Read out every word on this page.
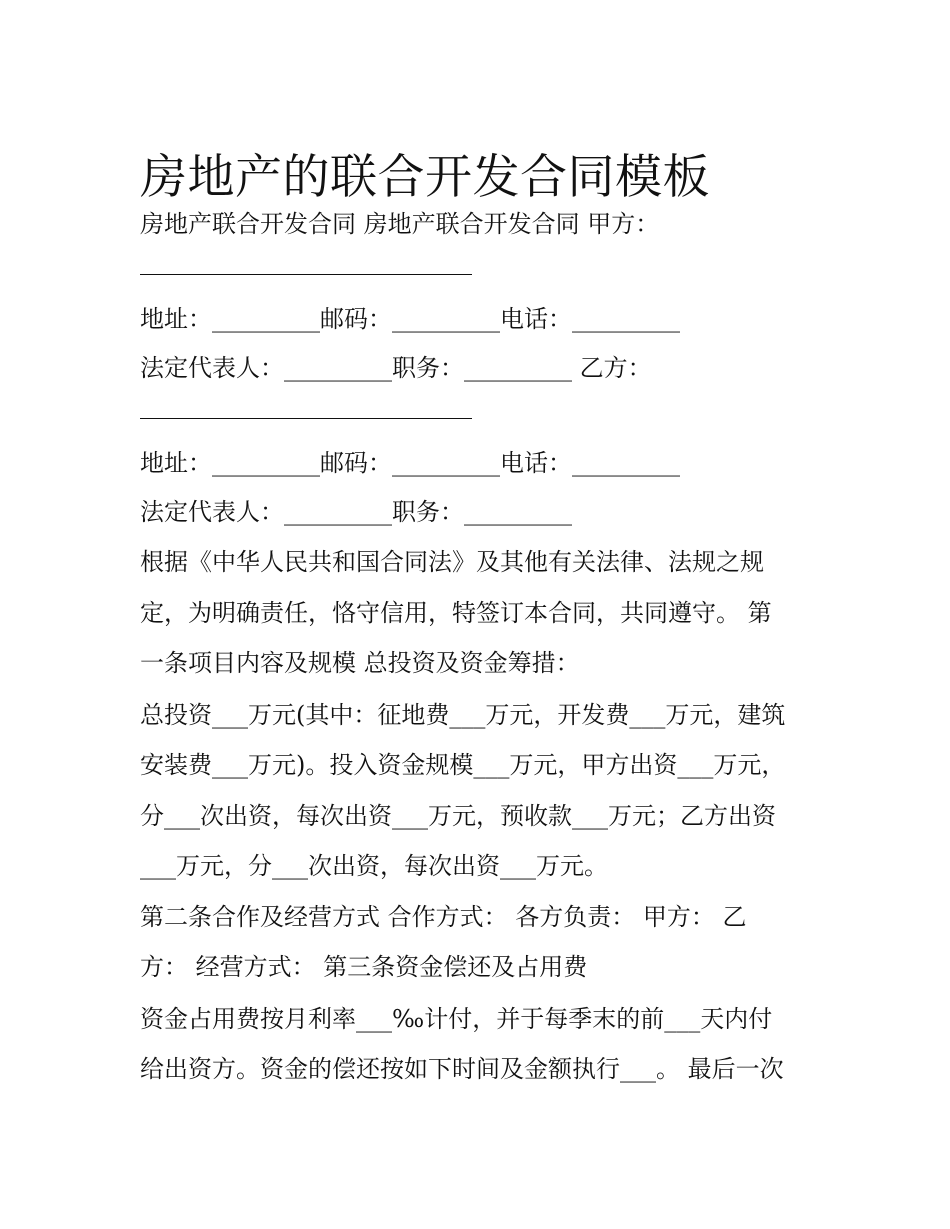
房地产的联合开发合同模板
房地产联合开发合同 房地产联合开发合同 甲方：
地址：_________邮码：_________电话：_________
法定代表人：_________职务：_________ 乙方：
地址：_________邮码：_________电话：_________
法定代表人：_________职务：_________
根据《中华人民共和国合同法》及其他有关法律、法规之规
定，为明确责任，恪守信用，特签订本合同，共同遵守。 第
一条项目内容及规模 总投资及资金筹措：
总投资___万元(其中：征地费___万元，开发费___万元，建筑
安装费___万元)。投入资金规模___万元，甲方出资___万元，
分___次出资，每次出资___万元，预收款___万元；乙方出资
___万元，分___次出资，每次出资___万元。
第二条合作及经营方式 合作方式： 各方负责： 甲方： 乙
方： 经营方式： 第三条资金偿还及占用费
资金占用费按月利率___‰计付，并于每季末的前___天内付
给出资方。资金的偿还按如下时间及金额执行___。 最后一次
